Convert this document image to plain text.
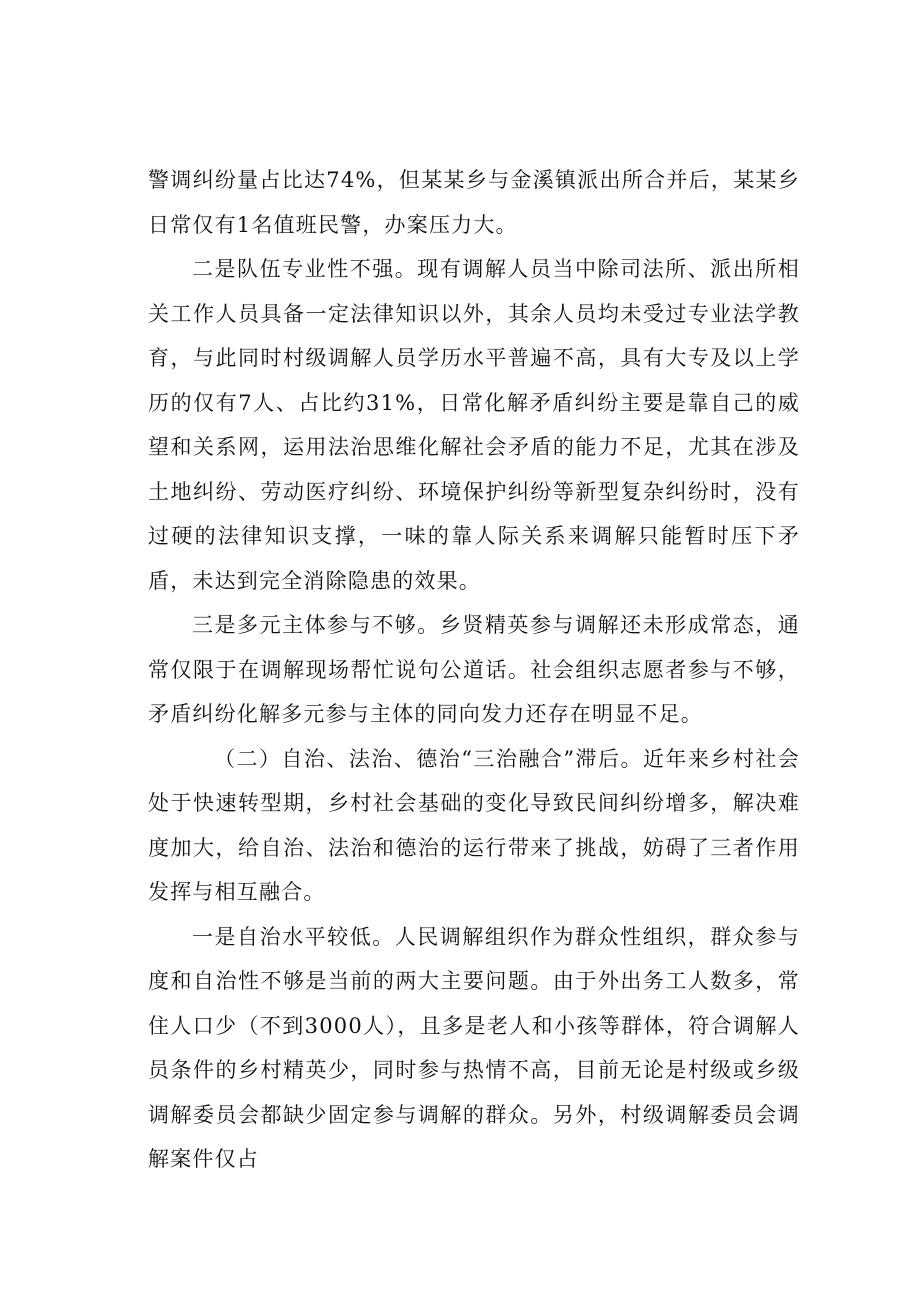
警调纠纷量占比达74%，但某某乡与金溪镇派出所合并后，某某乡日常仅有1名值班民警，办案压力大。

二是队伍专业性不强。现有调解人员当中除司法所、派出所相关工作人员具备一定法律知识以外，其余人员均未受过专业法学教育，与此同时村级调解人员学历水平普遍不高，具有大专及以上学历的仅有7人、占比约31%，日常化解矛盾纠纷主要是靠自己的威望和关系网，运用法治思维化解社会矛盾的能力不足，尤其在涉及土地纠纷、劳动医疗纠纷、环境保护纠纷等新型复杂纠纷时，没有过硬的法律知识支撑，一味的靠人际关系来调解只能暂时压下矛盾，未达到完全消除隐患的效果。

三是多元主体参与不够。乡贤精英参与调解还未形成常态，通常仅限于在调解现场帮忙说句公道话。社会组织志愿者参与不够，矛盾纠纷化解多元参与主体的同向发力还存在明显不足。

（二）自治、法治、德治“三治融合”滞后。近年来乡村社会处于快速转型期，乡村社会基础的变化导致民间纠纷增多，解决难度加大，给自治、法治和德治的运行带来了挑战，妨碍了三者作用发挥与相互融合。

一是自治水平较低。人民调解组织作为群众性组织，群众参与度和自治性不够是当前的两大主要问题。由于外出务工人数多，常住人口少（不到3000人），且多是老人和小孩等群体，符合调解人员条件的乡村精英少，同时参与热情不高，目前无论是村级或乡级调解委员会都缺少固定参与调解的群众。另外，村级调解委员会调解案件仅占
